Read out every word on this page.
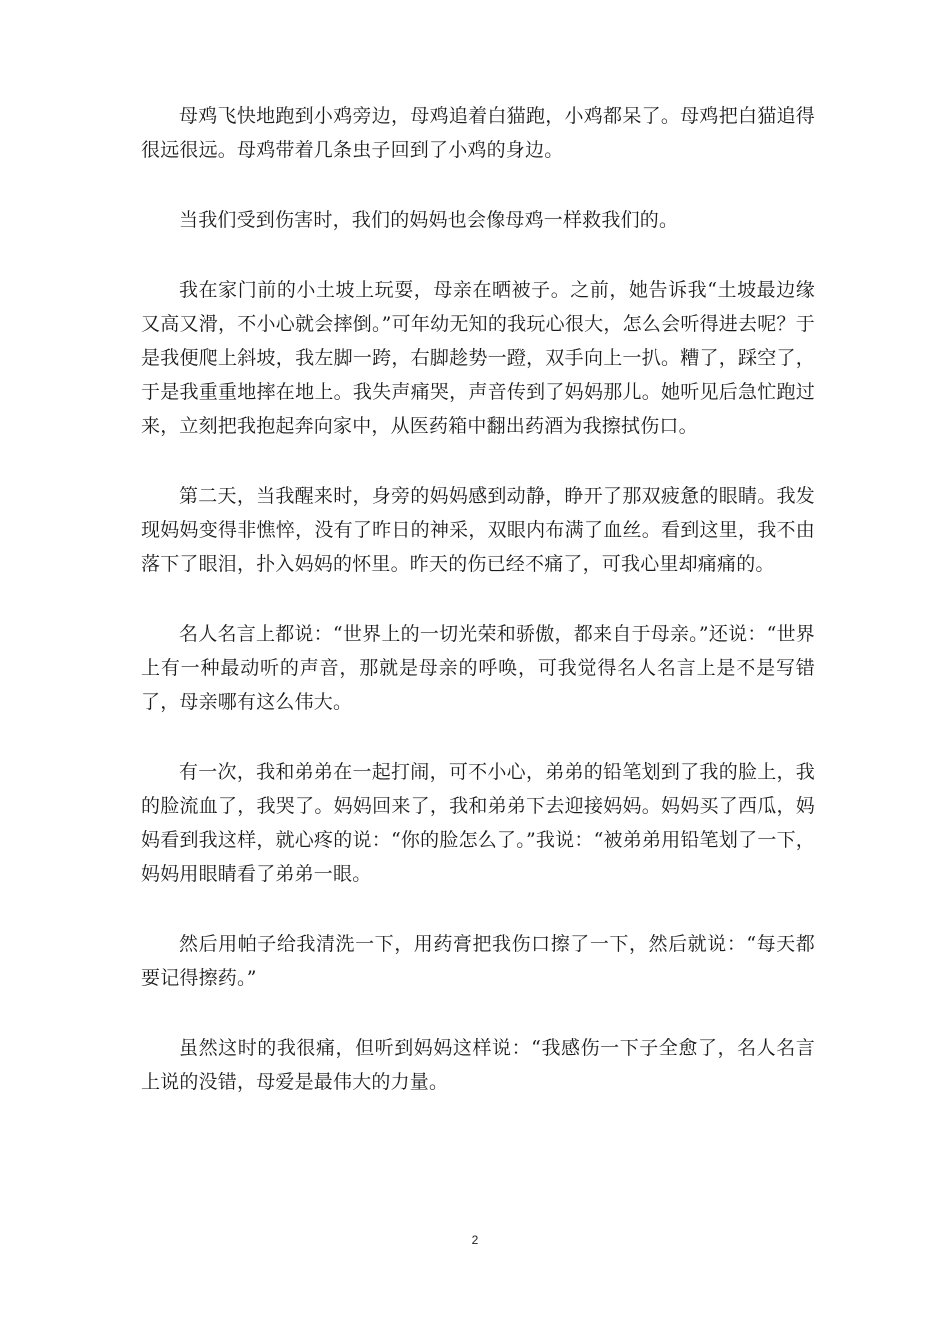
母鸡飞快地跑到小鸡旁边，母鸡追着白猫跑，小鸡都呆了。母鸡把白猫追得很远很远。母鸡带着几条虫子回到了小鸡的身边。

当我们受到伤害时，我们的妈妈也会像母鸡一样救我们的。

我在家门前的小土坡上玩耍，母亲在晒被子。之前，她告诉我“土坡最边缘又高又滑，不小心就会摔倒。”可年幼无知的我玩心很大，怎么会听得进去呢？于是我便爬上斜坡，我左脚一跨，右脚趁势一蹬，双手向上一扒。糟了，踩空了，于是我重重地摔在地上。我失声痛哭，声音传到了妈妈那儿。她听见后急忙跑过来，立刻把我抱起奔向家中，从医药箱中翻出药酒为我擦拭伤口。

第二天，当我醒来时，身旁的妈妈感到动静，睁开了那双疲惫的眼睛。我发现妈妈变得非憔悴，没有了昨日的神采，双眼内布满了血丝。看到这里，我不由落下了眼泪，扑入妈妈的怀里。昨天的伤已经不痛了，可我心里却痛痛的。

名人名言上都说：“世界上的一切光荣和骄傲，都来自于母亲。”还说：“世界上有一种最动听的声音，那就是母亲的呼唤，可我觉得名人名言上是不是写错了，母亲哪有这么伟大。

有一次，我和弟弟在一起打闹，可不小心，弟弟的铅笔划到了我的脸上，我的脸流血了，我哭了。妈妈回来了，我和弟弟下去迎接妈妈。妈妈买了西瓜，妈妈看到我这样，就心疼的说：“你的脸怎么了。”我说：“被弟弟用铅笔划了一下，妈妈用眼睛看了弟弟一眼。

然后用帕子给我清洗一下，用药膏把我伤口擦了一下，然后就说：“每天都要记得擦药。”

虽然这时的我很痛，但听到妈妈这样说：“我感伤一下子全愈了，名人名言上说的没错，母爱是最伟大的力量。

2
